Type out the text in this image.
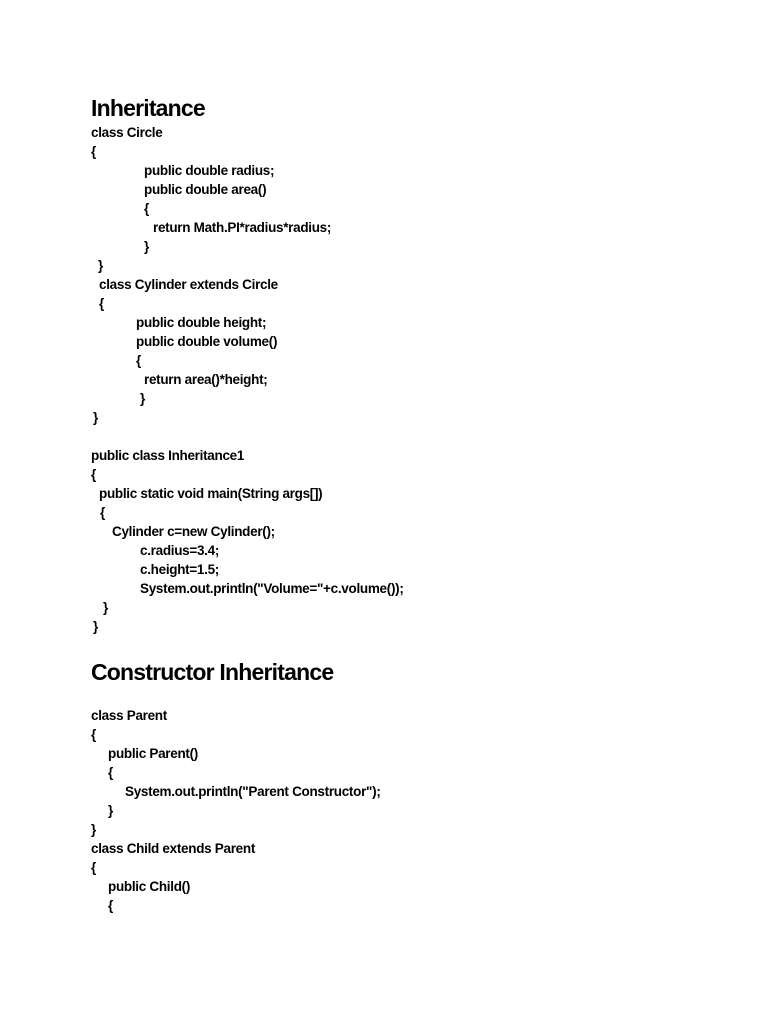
Inheritance
class Circle
{
public double radius;
public double area()
{
return Math.PI*radius*radius;
}
}
class Cylinder extends Circle
{
public double height;
public double volume()
{
return area()*height;
}
}
public class Inheritance1
{
public static void main(String args[])
{
Cylinder c=new Cylinder();
c.radius=3.4;
c.height=1.5;
System.out.println("Volume="+c.volume());
}
}
Constructor Inheritance
class Parent
{
public Parent()
{
System.out.println("Parent Constructor");
}
}
class Child extends Parent
{
public Child()
{
